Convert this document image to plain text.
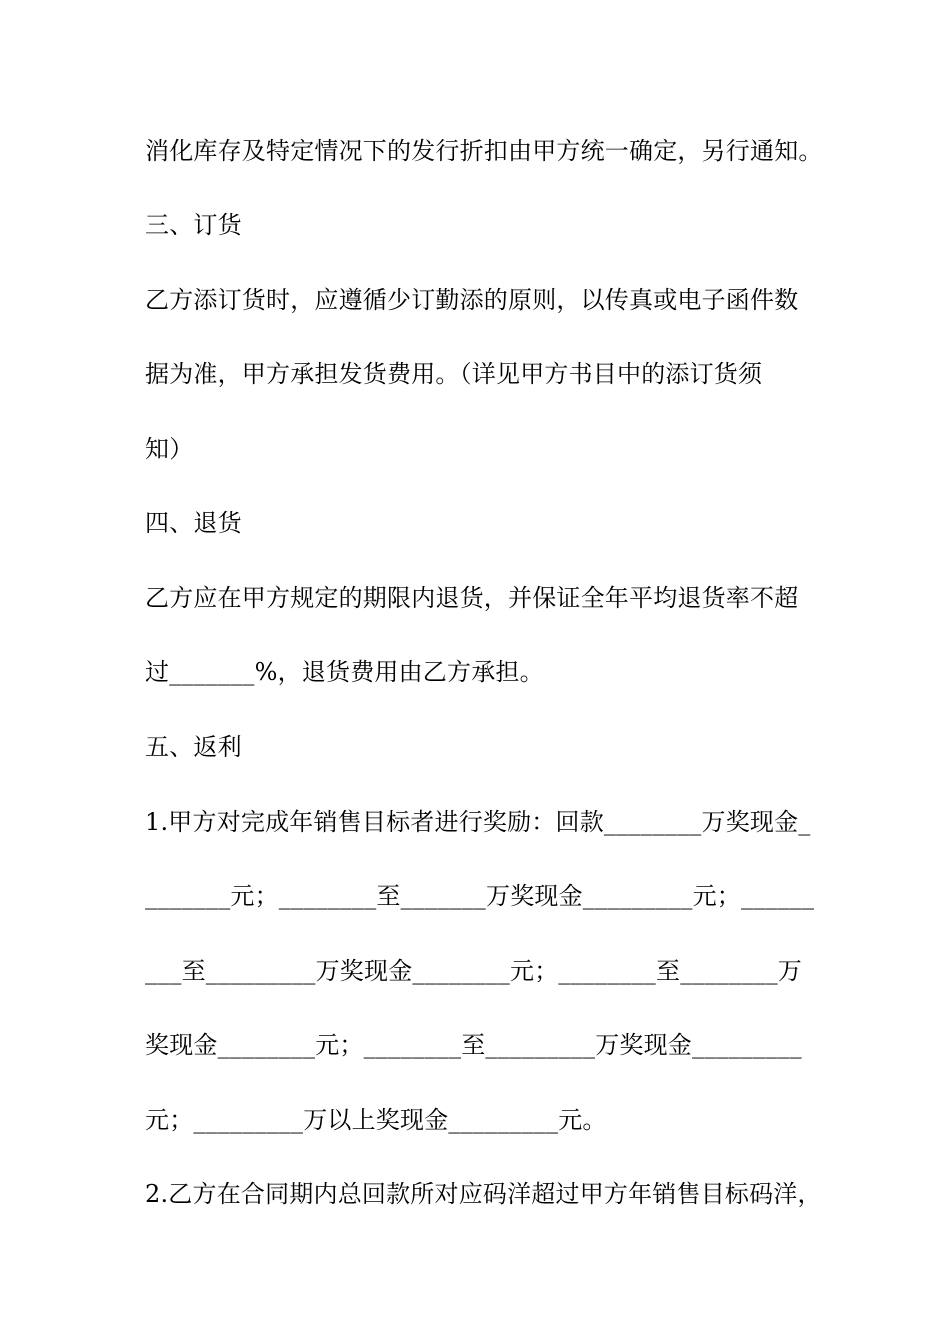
消化库存及特定情况下的发行折扣由甲方统一确定，另行通知。
三、订货
乙方添订货时，应遵循少订勤添的原则，以传真或电子函件数
据为准，甲方承担发货费用。（详见甲方书目中的添订货须
知）
四、退货
乙方应在甲方规定的期限内退货，并保证全年平均退货率不超
过_______%，退货费用由乙方承担。
五、返利
1.甲方对完成年销售目标者进行奖励：回款________万奖现金_
_______元；________至_______万奖现金_________元；______
___至_________万奖现金________元；________至________万
奖现金________元；________至_________万奖现金_________
元；_________万以上奖现金_________元。
2.乙方在合同期内总回款所对应码洋超过甲方年销售目标码洋，
